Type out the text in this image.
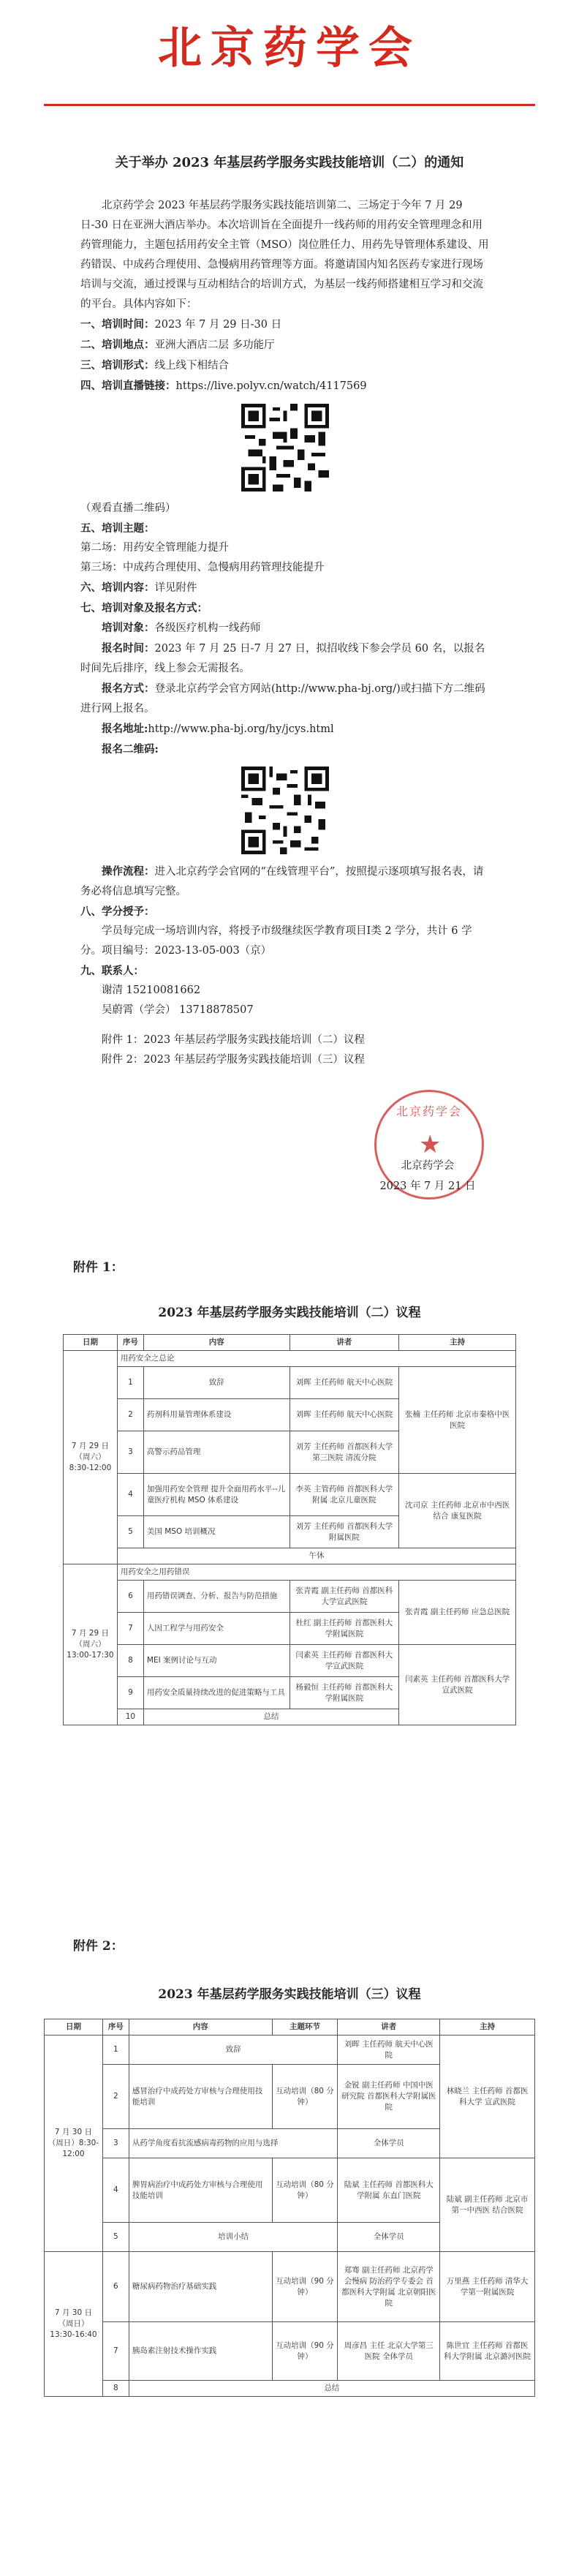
北京药学会
关于举办 2023 年基层药学服务实践技能培训（二）的通知

北京药学会 2023 年基层药学服务实践技能培训第二、三场定于今年 7 月 29 日-30 日在亚洲大酒店举办。本次培训旨在全面提升一线药师的用药安全管理理念和用药管理能力，主题包括用药安全主管（MSO）岗位胜任力、用药先导管理体系建设、用药错误、中成药合理使用、急慢病用药管理等方面。将邀请国内知名医药专家进行现场培训与交流，通过授课与互动相结合的培训方式，为基层一线药师搭建相互学习和交流的平台。具体内容如下：

一、培训时间：2023 年 7 月 29 日-30 日

二、培训地点：亚洲大酒店二层 多功能厅

三、培训形式：线上线下相结合

四、培训直播链接：https://live.polyv.cn/watch/4117569

（观看直播二维码）

五、培训主题：

第二场：用药安全管理能力提升

第三场：中成药合理使用、急慢病用药管理技能提升

六、培训内容：详见附件

七、培训对象及报名方式：

培训对象：各级医疗机构一线药师

报名时间：2023 年 7 月 25 日-7 月 27 日，拟招收线下参会学员 60 名，以报名时间先后排序，线上参会无需报名。

报名方式：登录北京药学会官方网站(http://www.pha-bj.org/)或扫描下方二维码进行网上报名。

报名地址:http://www.pha-bj.org/hy/jcys.html

报名二维码:

操作流程：进入北京药学会官网的“在线管理平台”，按照提示逐项填写报名表，请务必将信息填写完整。

八、学分授予：

学员每完成一场培训内容，将授予市级继续医学教育项目Ⅰ类 2 学分，共计 6 学分。项目编号：2023-13-05-003（京）

九、联系人：

谢清 15210081662

吴蔚霄（学会） 13718878507

附件 1：2023 年基层药学服务实践技能培训（二）议程

附件 2：2023 年基层药学服务实践技能培训（三）议程

北京药学会
★
北京药学会
2023 年 7 月 21 日
附件 1：
2023 年基层药学服务实践技能培训（二）议程
日期	序号	内容	讲者	主持
7 月 29 日（周六）8:30-12:00	用药安全之总论			
	1	致辞	刘晖 主任药师 航天中心医院	张楠 主任药师 北京市秦格中医医院
	2	药剂科用量管理体系建设	刘晖 主任药师 航天中心医院	
	3	高警示药品管理	刘芳 主任药师 首都医科大学第三医院 清流分院	
	4	加强用药安全管理 提升全面用药水平--儿童医疗机构 MSO 体系建设	李英 主管药师 首都医科大学附属 北京儿童医院	沈司京 主任药师 北京市中西医结合 康复医院
	5	美国 MSO 培训概况	刘芳 主任药师 首都医科大学附属医院	
	午休			
7 月 29 日（周六）13:00-17:30	用药安全之用药错误			
	6	用药错误调查、分析、报告与防范措施	张青霞 副主任药师 首都医科大学宣武医院	张青霞 副主任药师 应急总医院
	7	人因工程学与用药安全	杜红 副主任药师 首都医科大学附属医院	
	8	MEI 案例讨论与互动	闫素英 主任药师 首都医科大学宣武医院	闫素英 主任药师 首都医科大学 宣武医院
	9	用药安全质量持续改进的促进策略与工具	杨毅恒 主任药师 首都医科大学附属医院	
	10	总结		
附件 2：
2023 年基层药学服务实践技能培训（三）议程
日期	序号	内容	主题环节	讲者	主持
7 月 30 日（周日）8:30-12:00	1	致辞		刘晖 主任药师 航天中心医院	林晓兰 主任药师 首都医科大学 宣武医院
	2	感冒治疗中成药处方审核与合理使用技能培训	互动培训（80 分钟）	金锐 副主任药师 中国中医研究院 首都医科大学附属医院	
	3	从药学角度看抗流感病毒药物的应用与选择		全体学员	
	4	脾胃病治疗中成药处方审核与合理使用技能培训	互动培训（80 分钟）	陆斌 主任药师 首都医科大学附属 东直门医院	陆斌 副主任药师 北京市第一中西医 结合医院
	5	培训小结		全体学员	
7 月 30 日（周日）13:30-16:40	6	糖尿病药物治疗基础实践	互动培训（90 分钟）	郑骞 副主任药师 北京药学会慢病 防治药学专委会 首都医科大学附属 北京朝阳医院	万里燕 主任药师 清华大学第一附属医院
	7	胰岛素注射技术操作实践	互动培训（90 分钟）	周彦昌 主任 北京大学第三医院 全体学员	陈世宜 主任药师 首都医科大学附属 北京潞河医院
	8	总结			
